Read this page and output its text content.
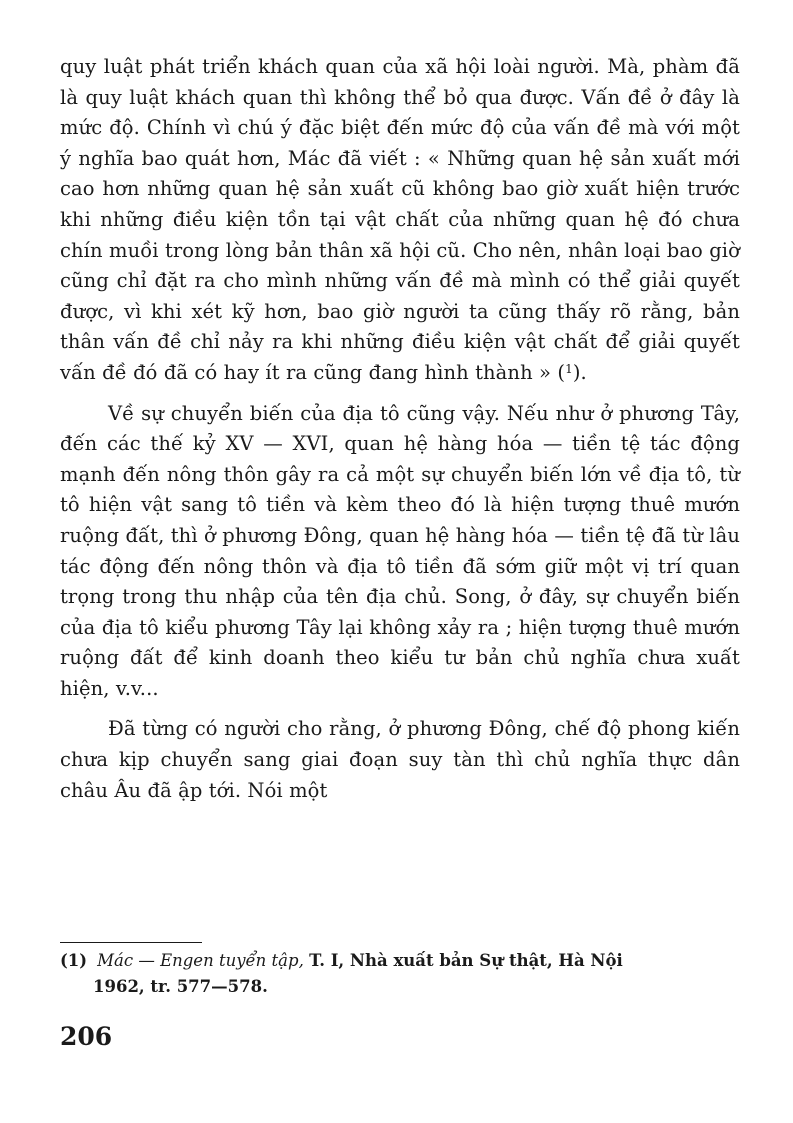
quy luật phát triển khách quan của xã hội loài người. Mà, phàm đã là quy luật khách quan thì không thể bỏ qua được. Vấn đề ở đây là mức độ. Chính vì chú ý đặc biệt đến mức độ của vấn đề mà với một ý nghĩa bao quát hơn, Mác đã viết : « Những quan hệ sản xuất mới cao hơn những quan hệ sản xuất cũ không bao giờ xuất hiện trước khi những điều kiện tồn tại vật chất của những quan hệ đó chưa chín muồi trong lòng bản thân xã hội cũ. Cho nên, nhân loại bao giờ cũng chỉ đặt ra cho mình những vấn đề mà mình có thể giải quyết được, vì khi xét kỹ hơn, bao giờ người ta cũng thấy rõ rằng, bản thân vấn đề chỉ nảy ra khi những điều kiện vật chất để giải quyết vấn đề đó đã có hay ít ra cũng đang hình thành » ($^1$).

Về sự chuyển biến của địa tô cũng vậy. Nếu như ở phương Tây, đến các thế kỷ XV — XVI, quan hệ hàng hóa — tiền tệ tác động mạnh đến nông thôn gây ra cả một sự chuyển biến lớn về địa tô, từ tô hiện vật sang tô tiền và kèm theo đó là hiện tượng thuê mướn ruộng đất, thì ở phương Đông, quan hệ hàng hóa — tiền tệ đã từ lâu tác động đến nông thôn và địa tô tiền đã sớm giữ một vị trí quan trọng trong thu nhập của tên địa chủ. Song, ở đây, sự chuyển biến của địa tô kiểu phương Tây lại không xảy ra ; hiện tượng thuê mướn ruộng đất để kinh doanh theo kiểu tư bản chủ nghĩa chưa xuất hiện, v.v...

Đã từng có người cho rằng, ở phương Đông, chế độ phong kiến chưa kịp chuyển sang giai đoạn suy tàn thì chủ nghĩa thực dân châu Âu đã ập tới. Nói một

(1) Mác — Engen tuyển tập, T. I, Nhà xuất bản Sự thật, Hà Nội
1962, tr. 577—578.
206
